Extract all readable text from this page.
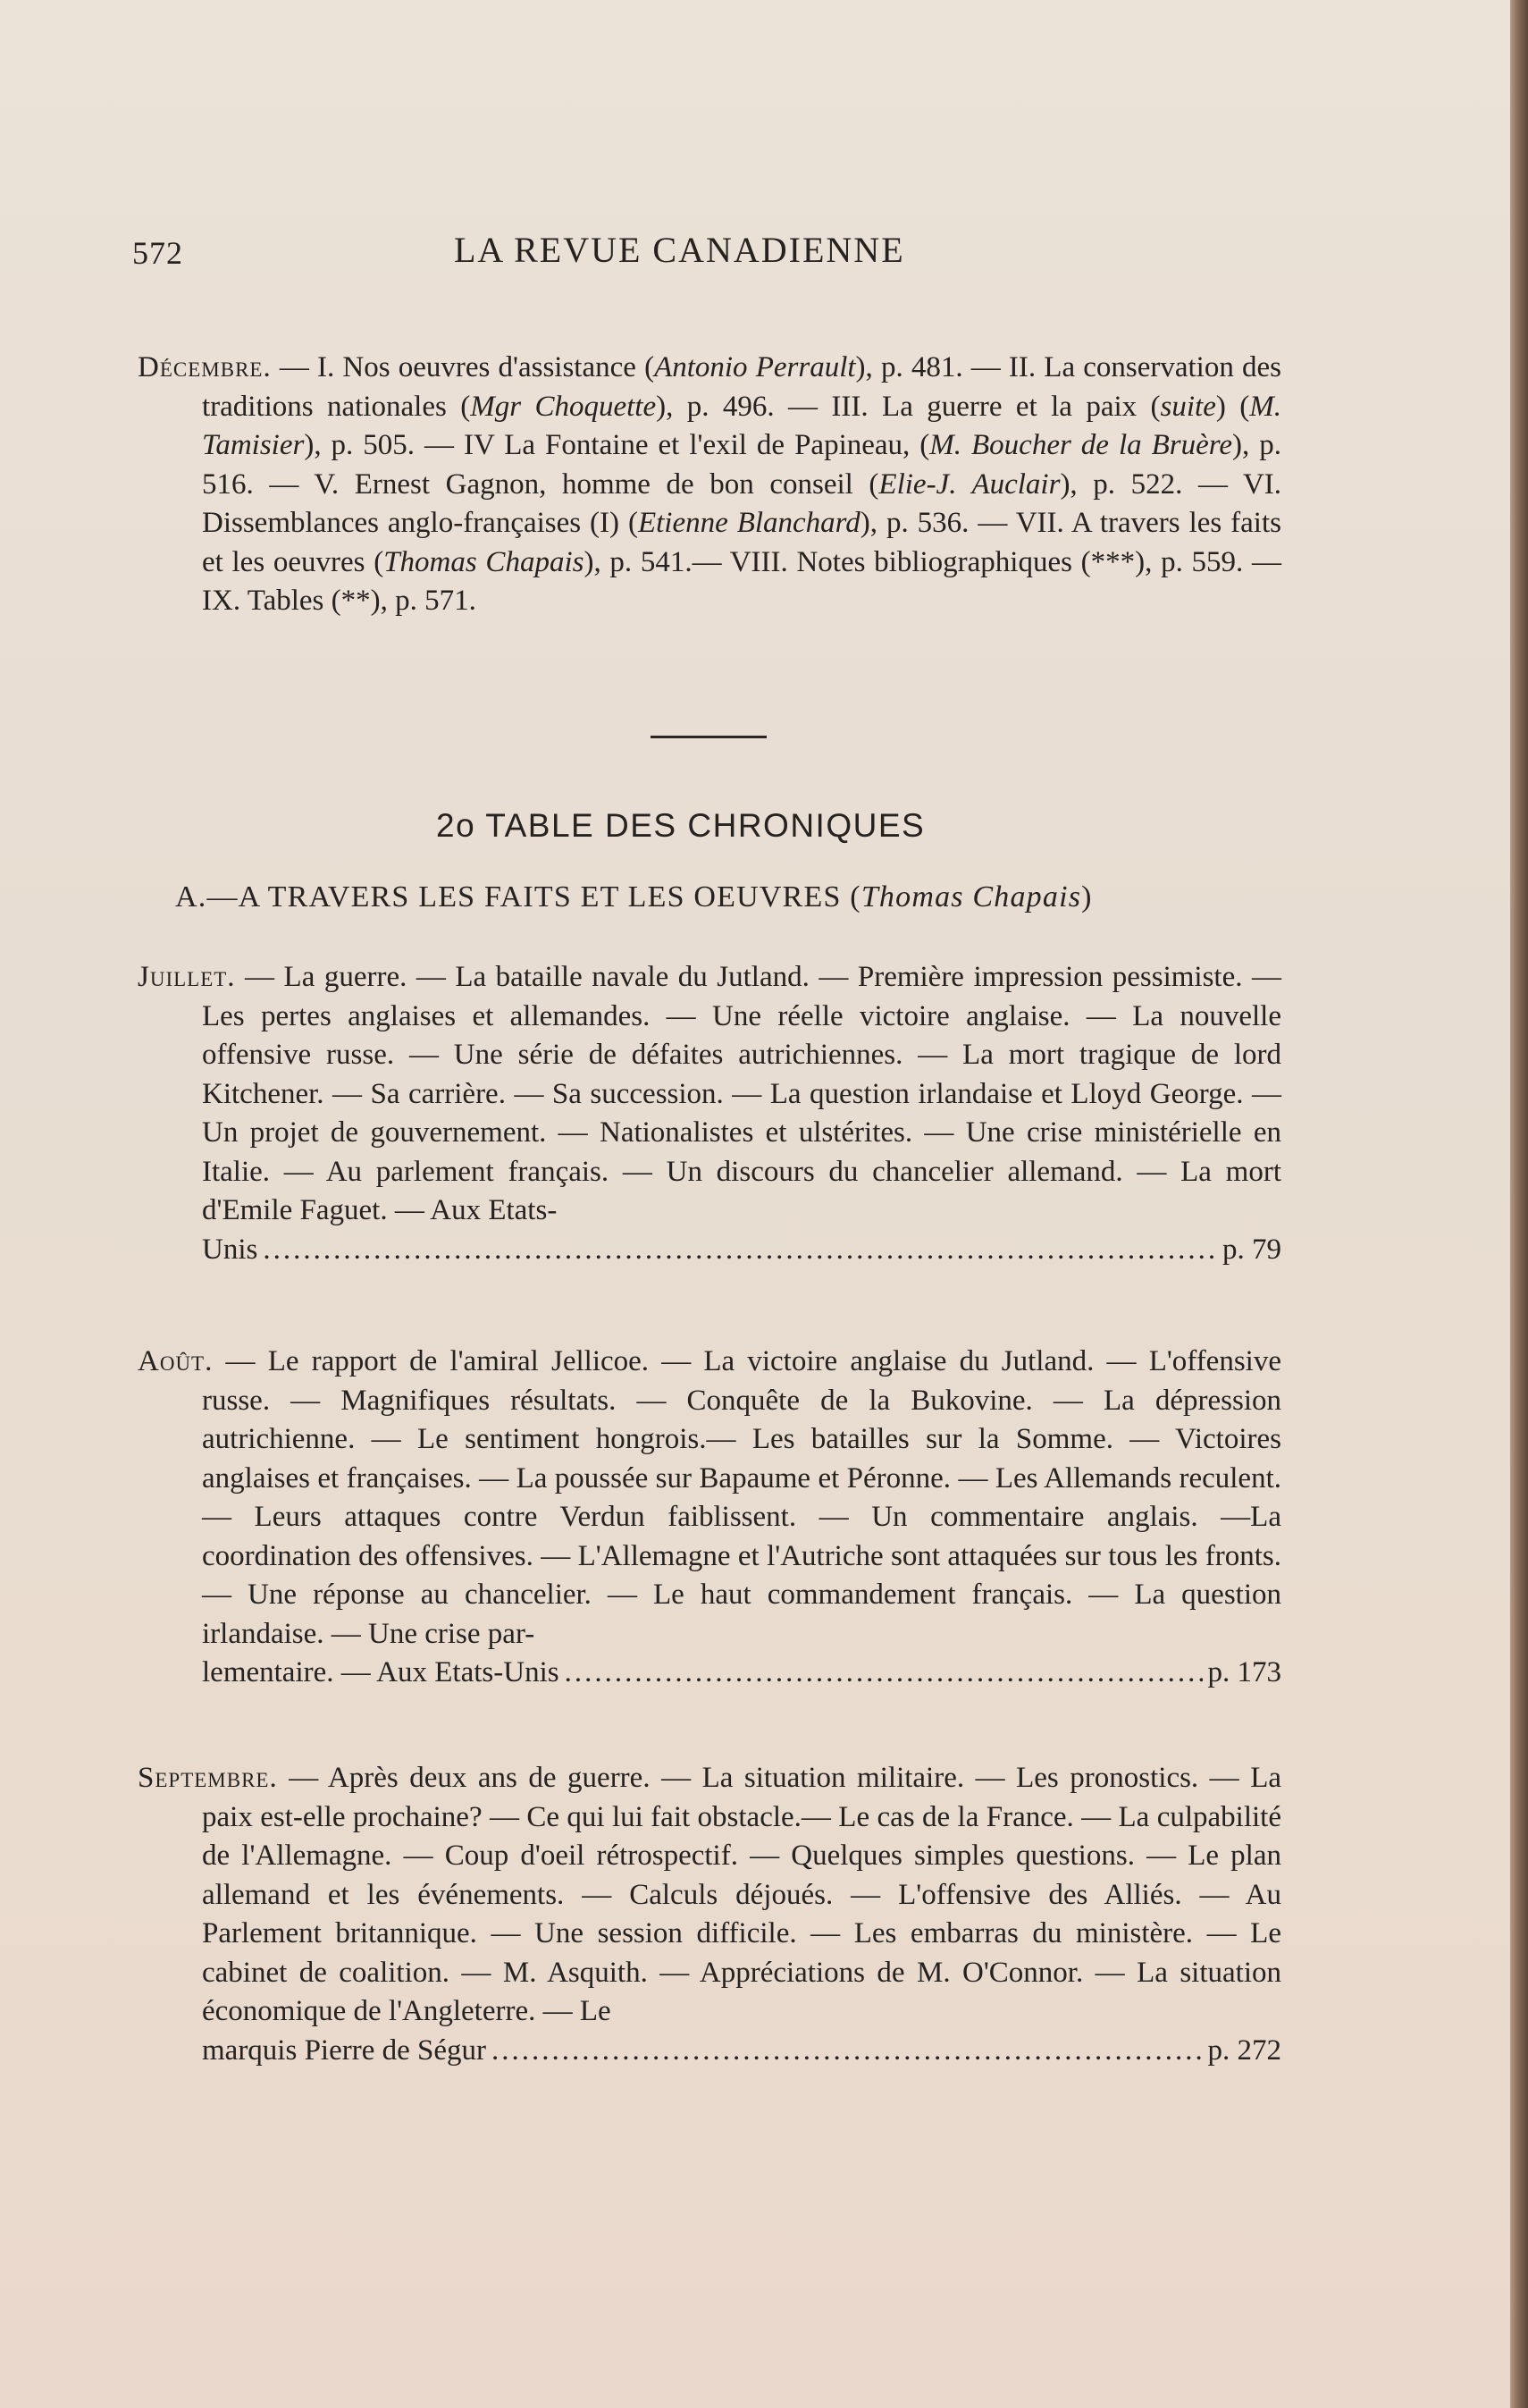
572	LA REVUE CANADIENNE

Décembre. — I. Nos oeuvres d'assistance (Antonio Perrault), p. 481. — II. La conservation des traditions nationales (Mgr Choquette), p. 496. — III. La guerre et la paix (suite) (M. Tamisier), p. 505. — IV La Fontaine et l'exil de Papineau, (M. Boucher de la Bruère), p. 516. — V. Ernest Gagnon, homme de bon conseil (Elie-J. Auclair), p. 522. — VI. Dissemblances anglo-françaises (I) (Etienne Blanchard), p. 536. — VII. A travers les faits et les oeuvres (Thomas Chapais), p. 541.— VIII. Notes bibliographiques (***), p. 559. — IX. Tables (**), p. 571.

2o TABLE DES CHRONIQUES
A.—A TRAVERS LES FAITS ET LES OEUVRES (Thomas Chapais)

Juillet. — La guerre. — La bataille navale du Jutland. — Première impression pessimiste. — Les pertes anglaises et allemandes. — Une réelle victoire anglaise. — La nouvelle offensive russe. — Une série de défaites autrichiennes. — La mort tragique de lord Kitchener. — Sa carrière. — Sa succession. — La question irlandaise et Lloyd George. — Un projet de gouvernement. — Nationalistes et ulstérites. — Une crise ministérielle en Italie. — Au parlement français. — Un discours du chancelier allemand. — La mort d'Emile Faguet. — Aux Etats-

Unis .....	p. 79

Août. — Le rapport de l'amiral Jellicoe. — La victoire anglaise du Jutland. — L'offensive russe. — Magnifiques résultats. — Conquête de la Bukovine. — La dépression autrichienne. — Le sentiment hongrois.— Les batailles sur la Somme. — Victoires anglaises et françaises. — La poussée sur Bapaume et Péronne. — Les Allemands reculent. — Leurs attaques contre Verdun faiblissent. — Un commentaire anglais. —La coordination des offensives. — L'Allemagne et l'Autriche sont attaquées sur tous les fronts. — Une réponse au chancelier. — Le haut commandement français. — La question irlandaise. — Une crise par-

lementaire. — Aux Etats-Unis .....	p. 173

Septembre. — Après deux ans de guerre. — La situation militaire. — Les pronostics. — La paix est-elle prochaine? — Ce qui lui fait obstacle.— Le cas de la France. — La culpabilité de l'Allemagne. — Coup d'oeil rétrospectif. — Quelques simples questions. — Le plan allemand et les événements. — Calculs déjoués. — L'offensive des Alliés. — Au Parlement britannique. — Une session difficile. — Les embarras du ministère. — Le cabinet de coalition. — M. Asquith. — Appréciations de M. O'Connor. — La situation économique de l'Angleterre. — Le

marquis Pierre de Ségur .....	p. 272
